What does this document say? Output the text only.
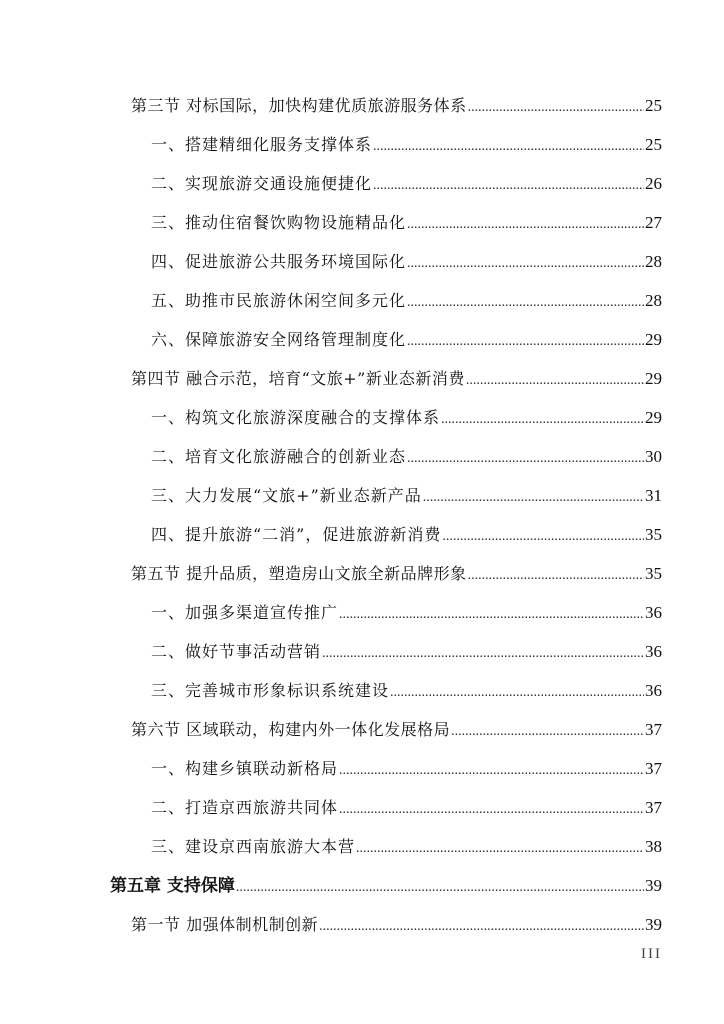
第三节 对标国际，加快构建优质旅游服务体系 .....	25
一、搭建精细化服务支撑体系 .....	25
二、实现旅游交通设施便捷化 .....	26
三、推动住宿餐饮购物设施精品化 .....	27
四、促进旅游公共服务环境国际化 .....	28
五、助推市民旅游休闲空间多元化 .....	28
六、保障旅游安全网络管理制度化 .....	29
第四节 融合示范，培育“文旅+”新业态新消费 .....	29
一、构筑文化旅游深度融合的支撑体系 .....	29
二、培育文化旅游融合的创新业态 .....	30
三、大力发展“文旅+”新业态新产品 .....	31
四、提升旅游“二消”，促进旅游新消费 .....	35
第五节 提升品质，塑造房山文旅全新品牌形象 .....	35
一、加强多渠道宣传推广 .....	36
二、做好节事活动营销 .....	36
三、完善城市形象标识系统建设 .....	36
第六节 区域联动，构建内外一体化发展格局 .....	37
一、构建乡镇联动新格局 .....	37
二、打造京西旅游共同体 .....	37
三、建设京西南旅游大本营 .....	38
第五章 支持保障 .....	39
第一节 加强体制机制创新 .....	39
III
